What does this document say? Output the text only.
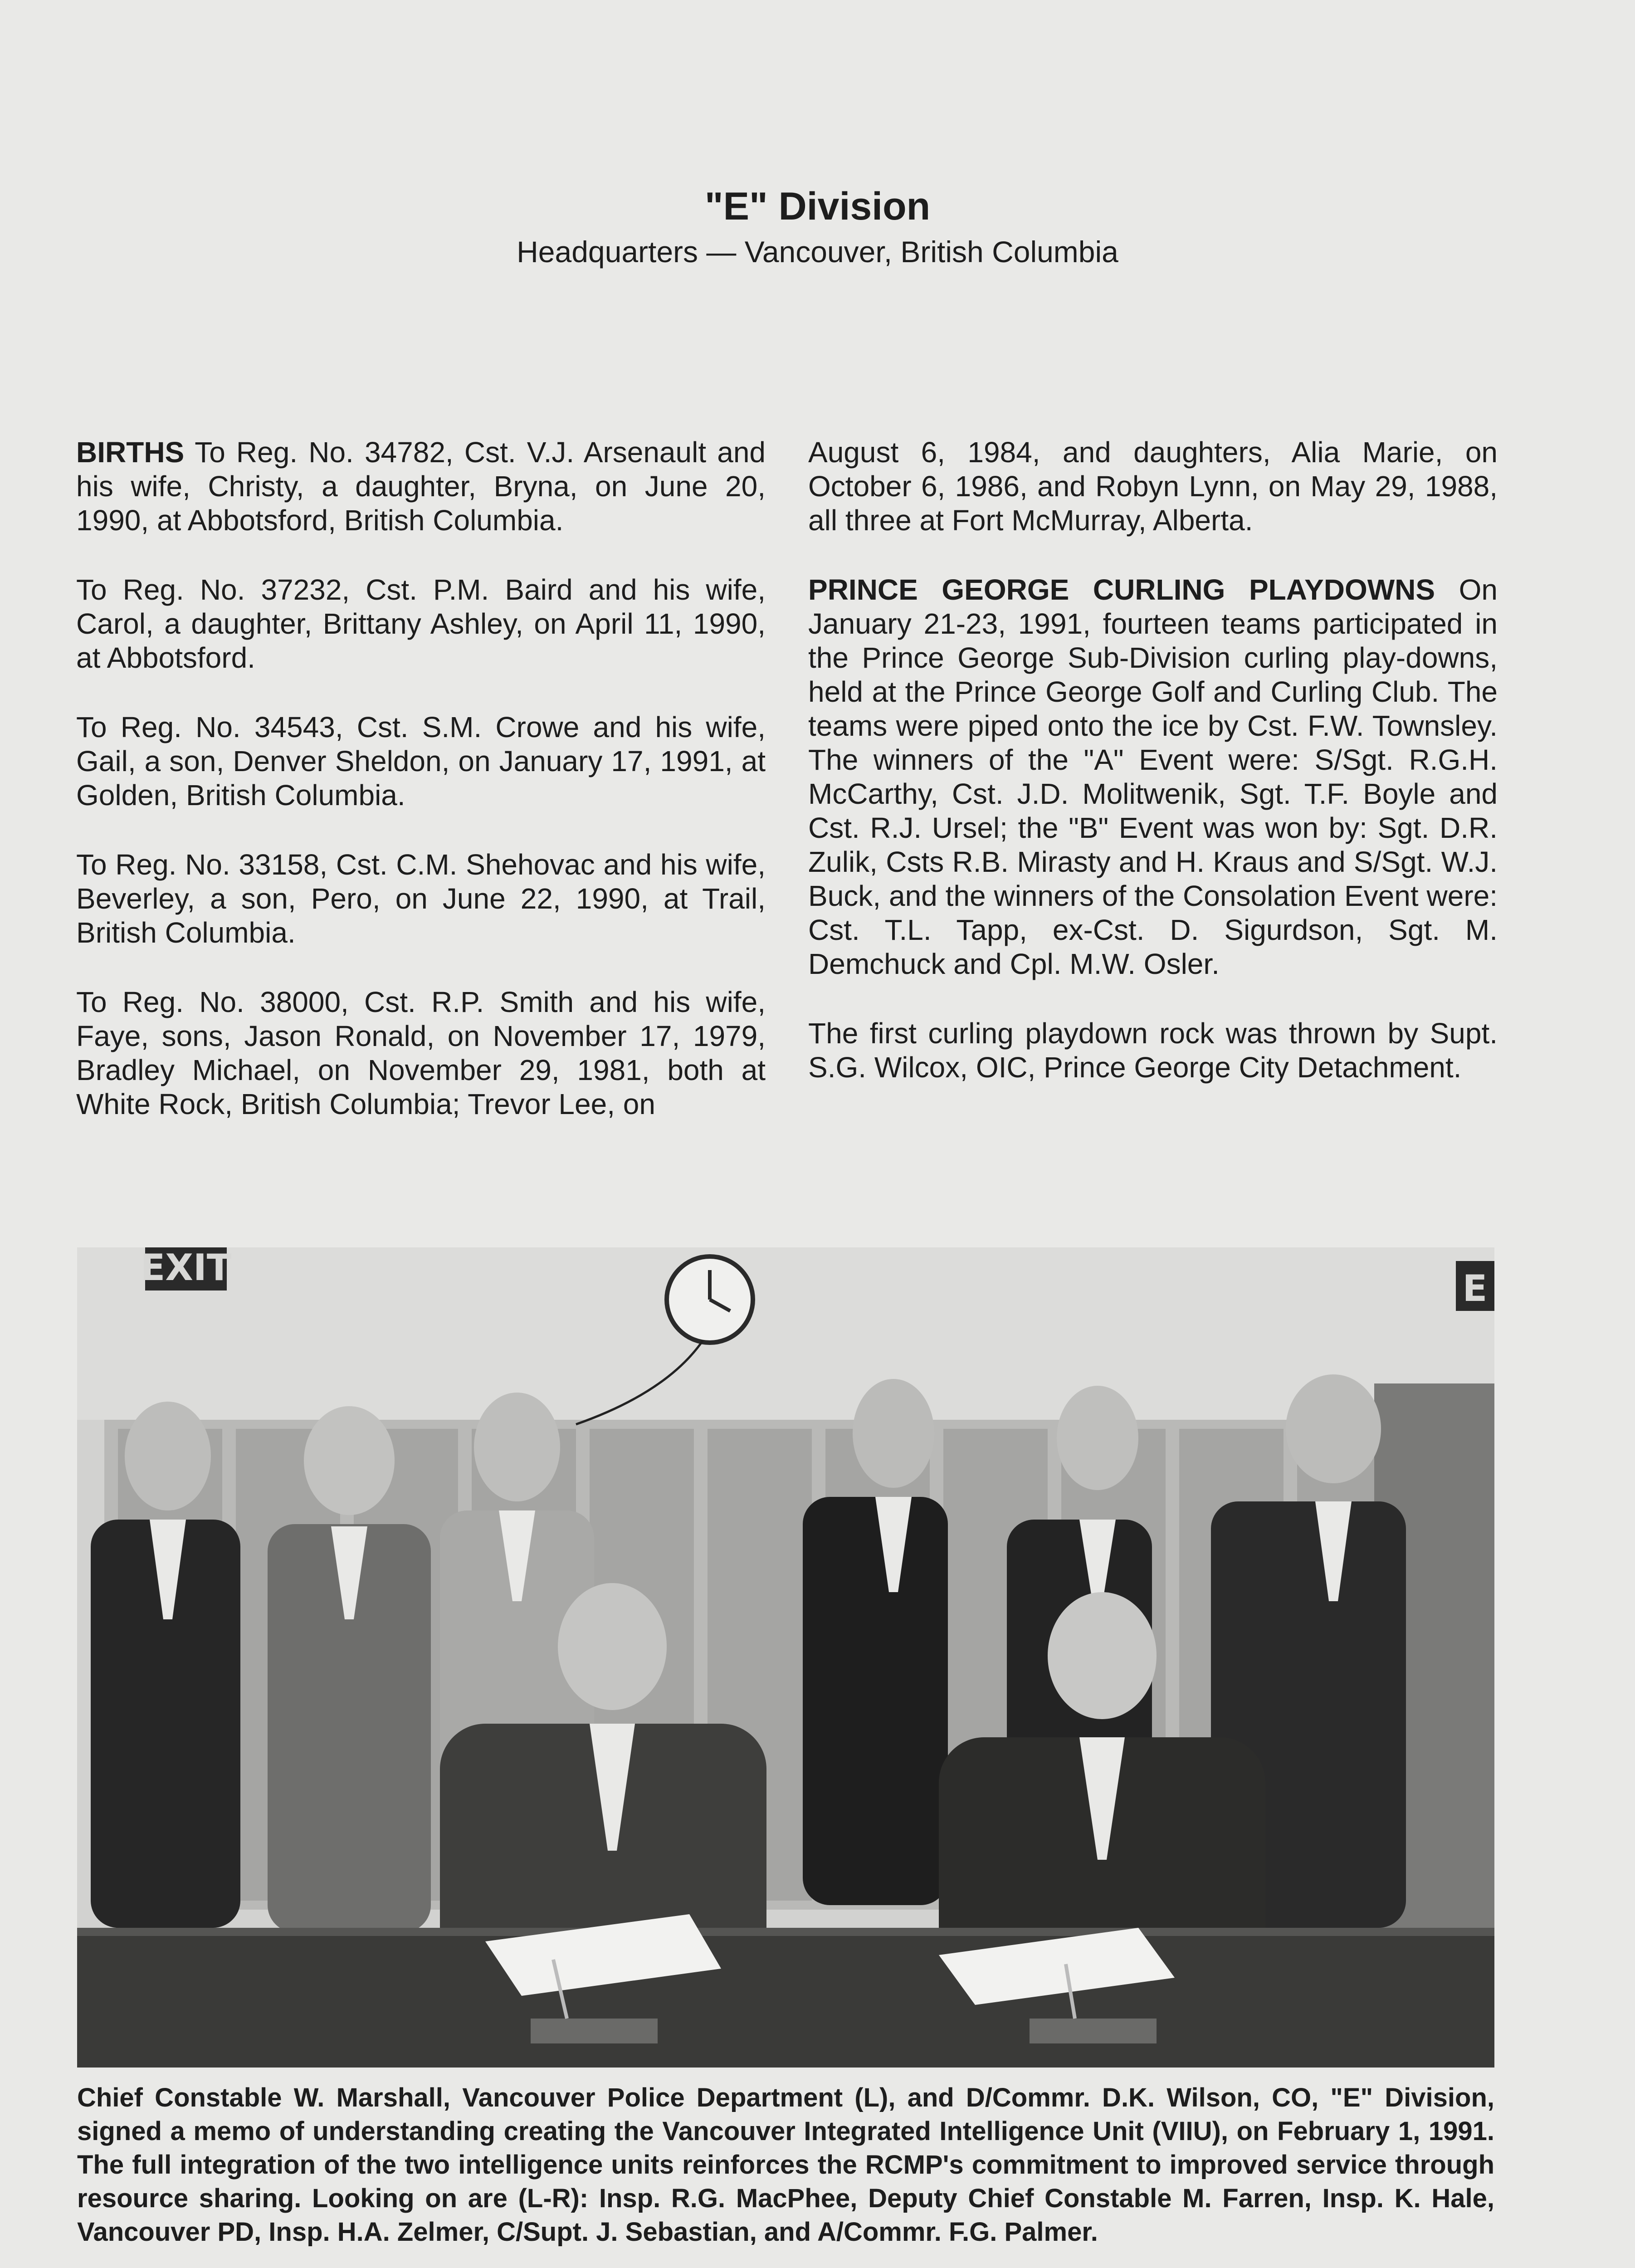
"E" Division
Headquarters — Vancouver, British Columbia

BIRTHS To Reg. No. 34782, Cst. V.J. Arsenault and his wife, Christy, a daughter, Bryna, on June 20, 1990, at Abbotsford, British Columbia.

To Reg. No. 37232, Cst. P.M. Baird and his wife, Carol, a daughter, Brittany Ashley, on April 11, 1990, at Abbotsford.

To Reg. No. 34543, Cst. S.M. Crowe and his wife, Gail, a son, Denver Sheldon, on January 17, 1991, at Golden, British Columbia.

To Reg. No. 33158, Cst. C.M. Shehovac and his wife, Beverley, a son, Pero, on June 22, 1990, at Trail, British Columbia.

To Reg. No. 38000, Cst. R.P. Smith and his wife, Faye, sons, Jason Ronald, on November 17, 1979, Bradley Michael, on November 29, 1981, both at White Rock, British Columbia; Trevor Lee, on

August 6, 1984, and daughters, Alia Marie, on October 6, 1986, and Robyn Lynn, on May 29, 1988, all three at Fort McMurray, Alberta.

PRINCE GEORGE CURLING PLAYDOWNS On January 21-23, 1991, fourteen teams participated in the Prince George Sub-Division curling play-downs, held at the Prince George Golf and Curling Club. The teams were piped onto the ice by Cst. F.W. Townsley. The winners of the "A" Event were: S/Sgt. R.G.H. McCarthy, Cst. J.D. Molitwenik, Sgt. T.F. Boyle and Cst. R.J. Ursel; the "B" Event was won by: Sgt. D.R. Zulik, Csts R.B. Mirasty and H. Kraus and S/Sgt. W.J. Buck, and the winners of the Consolation Event were: Cst. T.L. Tapp, ex-Cst. D. Sigurdson, Sgt. M. Demchuck and Cpl. M.W. Osler.

The first curling playdown rock was thrown by Supt. S.G. Wilcox, OIC, Prince George City Detachment.

EXIT	E
Chief Constable W. Marshall, Vancouver Police Department (L), and D/Commr. D.K. Wilson, CO, "E" Division, signed a memo of understanding creating the Vancouver Integrated Intelligence Unit (VIIU), on February 1, 1991. The full integration of the two intelligence units reinforces the RCMP's commitment to improved service through resource sharing. Looking on are (L-R): Insp. R.G. MacPhee, Deputy Chief Constable M. Farren, Insp. K. Hale, Vancouver PD, Insp. H.A. Zelmer, C/Supt. J. Sebastian, and A/Commr. F.G. Palmer.
